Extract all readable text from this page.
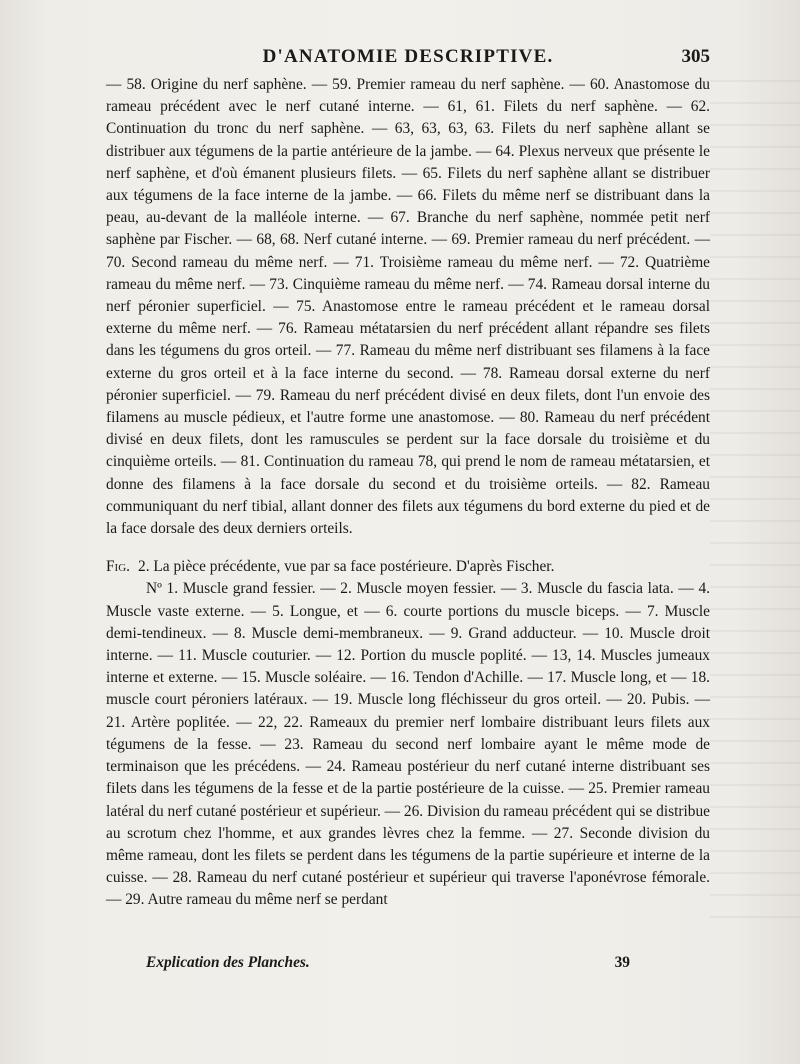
D'ANATOMIE DESCRIPTIVE.	305

— 58. Origine du nerf saphène. — 59. Premier rameau du nerf saphène. — 60. Anastomose du rameau précédent avec le nerf cutané interne. — 61, 61. Filets du nerf saphène. — 62. Continuation du tronc du nerf saphène. — 63, 63, 63, 63. Filets du nerf saphène allant se distribuer aux tégumens de la partie antérieure de la jambe. — 64. Plexus nerveux que présente le nerf saphène, et d'où émanent plusieurs filets. — 65. Filets du nerf saphène allant se distribuer aux tégumens de la face interne de la jambe. — 66. Filets du même nerf se distribuant dans la peau, au-devant de la malléole interne. — 67. Branche du nerf saphène, nommée petit nerf saphène par Fischer. — 68, 68. Nerf cutané interne. — 69. Premier rameau du nerf précédent. — 70. Second rameau du même nerf. — 71. Troisième rameau du même nerf. — 72. Quatrième rameau du même nerf. — 73. Cinquième rameau du même nerf. — 74. Rameau dorsal interne du nerf péronier superficiel. — 75. Anastomose entre le rameau précédent et le rameau dorsal externe du même nerf. — 76. Rameau métatarsien du nerf précédent allant répandre ses filets dans les tégumens du gros orteil. — 77. Rameau du même nerf distribuant ses filamens à la face externe du gros orteil et à la face interne du second. — 78. Rameau dorsal externe du nerf péronier superficiel. — 79. Rameau du nerf précédent divisé en deux filets, dont l'un envoie des filamens au muscle pédieux, et l'autre forme une anastomose. — 80. Rameau du nerf précédent divisé en deux filets, dont les ramuscules se perdent sur la face dorsale du troisième et du cinquième orteils. — 81. Continuation du rameau 78, qui prend le nom de rameau métatarsien, et donne des filamens à la face dorsale du second et du troisième orteils. — 82. Rameau communiquant du nerf tibial, allant donner des filets aux tégumens du bord externe du pied et de la face dorsale des deux derniers orteils.

Fig. 2. La pièce précédente, vue par sa face postérieure. D'après Fischer.

Nº 1. Muscle grand fessier. — 2. Muscle moyen fessier. — 3. Muscle du fascia lata. — 4. Muscle vaste externe. — 5. Longue, et — 6. courte portions du muscle biceps. — 7. Muscle demi-tendineux. — 8. Muscle demi-membraneux. — 9. Grand adducteur. — 10. Muscle droit interne. — 11. Muscle couturier. — 12. Portion du muscle poplité. — 13, 14. Muscles jumeaux interne et externe. — 15. Muscle soléaire. — 16. Tendon d'Achille. — 17. Muscle long, et — 18. muscle court péroniers latéraux. — 19. Muscle long fléchisseur du gros orteil. — 20. Pubis. — 21. Artère poplitée. — 22, 22. Rameaux du premier nerf lombaire distribuant leurs filets aux tégumens de la fesse. — 23. Rameau du second nerf lombaire ayant le même mode de terminaison que les précédens. — 24. Rameau postérieur du nerf cutané interne distribuant ses filets dans les tégumens de la fesse et de la partie postérieure de la cuisse. — 25. Premier rameau latéral du nerf cutané postérieur et supérieur. — 26. Division du rameau précédent qui se distribue au scrotum chez l'homme, et aux grandes lèvres chez la femme. — 27. Seconde division du même rameau, dont les filets se perdent dans les tégumens de la partie supérieure et interne de la cuisse. — 28. Rameau du nerf cutané postérieur et supérieur qui traverse l'aponévrose fémorale. — 29. Autre rameau du même nerf se perdant

Explication des Planches.	39
